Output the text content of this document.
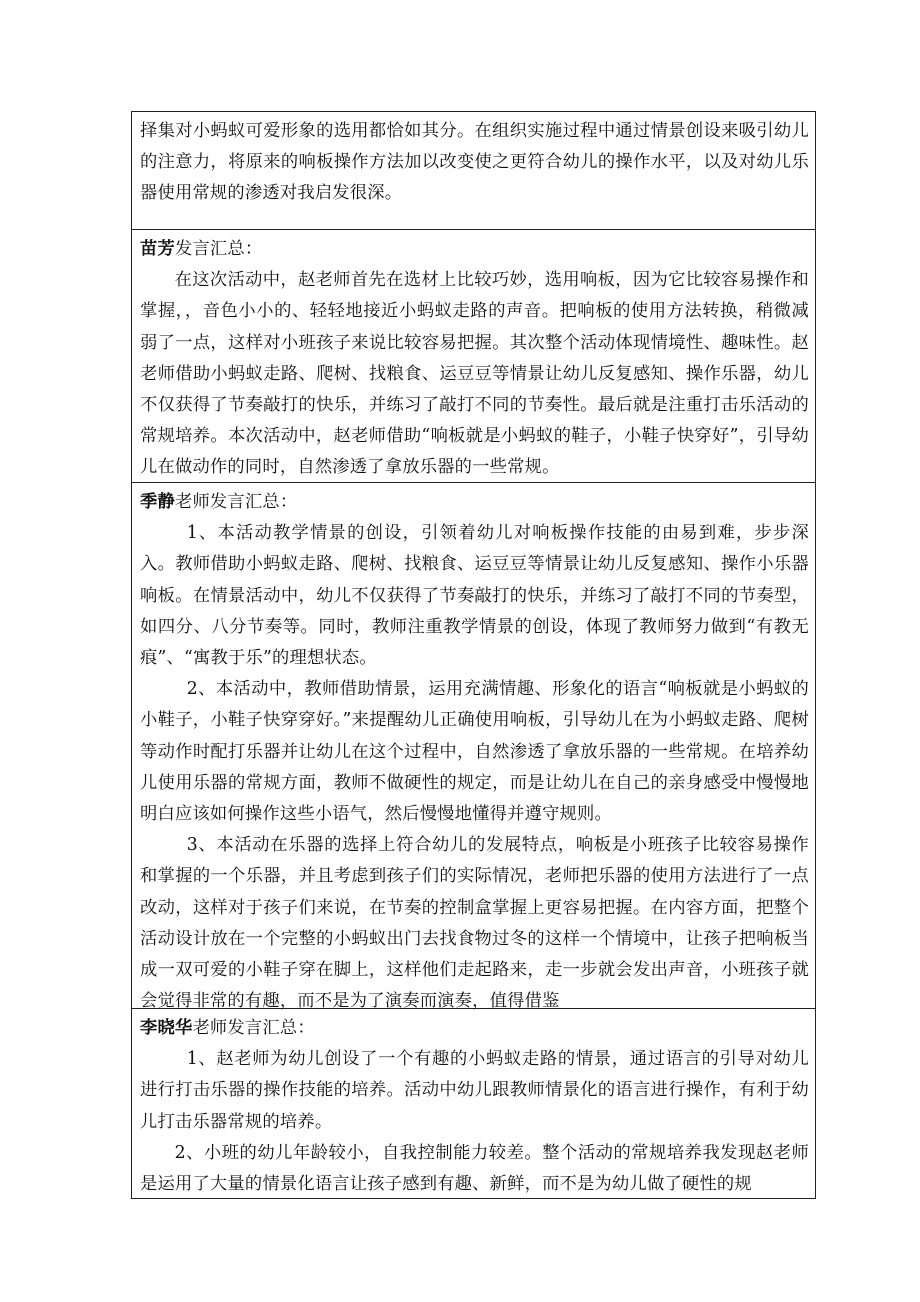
择集对小蚂蚁可爱形象的选用都恰如其分。在组织实施过程中通过情景创设来吸引幼儿的注意力，将原来的响板操作方法加以改变使之更符合幼儿的操作水平，以及对幼儿乐器使用常规的渗透对我启发很深。

苗芳发言汇总：

在这次活动中，赵老师首先在选材上比较巧妙，选用响板，因为它比较容易操作和掌握，，音色小小的、轻轻地接近小蚂蚁走路的声音。把响板的使用方法转换，稍微减弱了一点，这样对小班孩子来说比较容易把握。其次整个活动体现情境性、趣味性。赵老师借助小蚂蚁走路、爬树、找粮食、运豆豆等情景让幼儿反复感知、操作乐器，幼儿不仅获得了节奏敲打的快乐，并练习了敲打不同的节奏性。最后就是注重打击乐活动的常规培养。本次活动中，赵老师借助“响板就是小蚂蚁的鞋子，小鞋子快穿好”，引导幼儿在做动作的同时，自然渗透了拿放乐器的一些常规。

季静老师发言汇总：

1、本活动教学情景的创设，引领着幼儿对响板操作技能的由易到难，步步深入。教师借助小蚂蚁走路、爬树、找粮食、运豆豆等情景让幼儿反复感知、操作小乐器响板。在情景活动中，幼儿不仅获得了节奏敲打的快乐，并练习了敲打不同的节奏型，如四分、八分节奏等。同时，教师注重教学情景的创设，体现了教师努力做到“有教无痕”、“寓教于乐”的理想状态。

2、本活动中，教师借助情景，运用充满情趣、形象化的语言“响板就是小蚂蚁的小鞋子，小鞋子快穿穿好。”来提醒幼儿正确使用响板，引导幼儿在为小蚂蚁走路、爬树等动作时配打乐器并让幼儿在这个过程中，自然渗透了拿放乐器的一些常规。在培养幼儿使用乐器的常规方面，教师不做硬性的规定，而是让幼儿在自己的亲身感受中慢慢地明白应该如何操作这些小语气，然后慢慢地懂得并遵守规则。

3、本活动在乐器的选择上符合幼儿的发展特点，响板是小班孩子比较容易操作和掌握的一个乐器，并且考虑到孩子们的实际情况，老师把乐器的使用方法进行了一点改动，这样对于孩子们来说，在节奏的控制盒掌握上更容易把握。在内容方面，把整个活动设计放在一个完整的小蚂蚁出门去找食物过冬的这样一个情境中，让孩子把响板当成一双可爱的小鞋子穿在脚上，这样他们走起路来，走一步就会发出声音，小班孩子就会觉得非常的有趣，而不是为了演奏而演奏，值得借鉴

李晓华老师发言汇总：

1、赵老师为幼儿创设了一个有趣的小蚂蚁走路的情景，通过语言的引导对幼儿进行打击乐器的操作技能的培养。活动中幼儿跟教师情景化的语言进行操作，有利于幼儿打击乐器常规的培养。

2、小班的幼儿年龄较小，自我控制能力较差。整个活动的常规培养我发现赵老师是运用了大量的情景化语言让孩子感到有趣、新鲜，而不是为幼儿做了硬性的规
